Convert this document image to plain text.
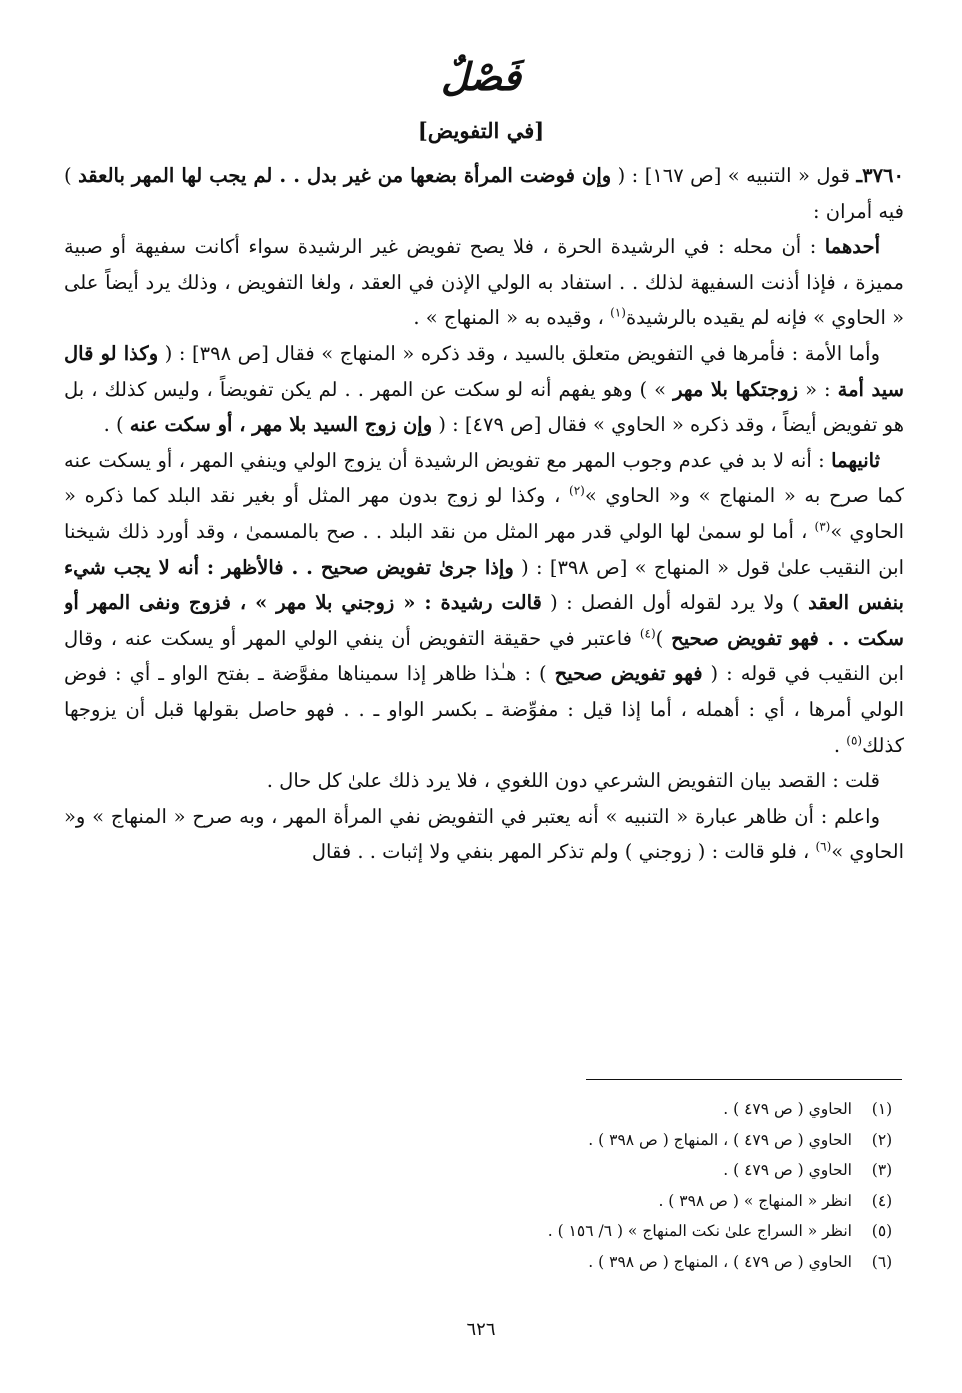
فَصْلٌ
[في التفويض]

٣٧٦٠ـ قول « التنبيه » [ص ١٦٧] : ( وإن فوضت المرأة بضعها من غير بدل . . لم يجب لها المهر بالعقد ) فيه أمران :

أحدهما : أن محله : في الرشيدة الحرة ، فلا يصح تفويض غير الرشيدة سواء أكانت سفيهة أو صبية مميزة ، فإذا أذنت السفيهة لذلك . . استفاد به الولي الإذن في العقد ، ولغا التفويض ، وذلك يرد أيضاً على « الحاوي » فإنه لم يقيده بالرشيدة$^{(١)}$ ، وقيده به « المنهاج » .

وأما الأمة : فأمرها في التفويض متعلق بالسيد ، وقد ذكره « المنهاج » فقال [ص ٣٩٨] : ( وكذا لو قال سيد أمة : « زوجتكها بلا مهر » ) وهو يفهم أنه لو سكت عن المهر . . لم يكن تفويضاً ، وليس كذلك ، بل هو تفويض أيضاً ، وقد ذكره « الحاوي » فقال [ص ٤٧٩] : ( وإن زوج السيد بلا مهر ، أو سكت عنه ) .

ثانيهما : أنه لا بد في عدم وجوب المهر مع تفويض الرشيدة أن يزوج الولي وينفي المهر ، أو يسكت عنه كما صرح به « المنهاج » و« الحاوي »$^{(٢)}$ ، وكذا لو زوج بدون مهر المثل أو بغير نقد البلد كما ذكره « الحاوي »$^{(٣)}$ ، أما لو سمىٰ لها الولي قدر مهر المثل من نقد البلد . . صح بالمسمىٰ ، وقد أورد ذلك شيخنا ابن النقيب علىٰ قول « المنهاج » [ص ٣٩٨] : ( وإذا جرىٰ تفويض صحيح . . فالأظهر : أنه لا يجب شيء بنفس العقد ) ولا يرد لقوله أول الفصل : ( قالت رشيدة : « زوجني بلا مهر » ، فزوج ونفى المهر أو سكت . . فهو تفويض صحيح )$^{(٤)}$ فاعتبر في حقيقة التفويض أن ينفي الولي المهر أو يسكت عنه ، وقال ابن النقيب في قوله : ( فهو تفويض صحيح ) : هـٰذا ظاهر إذا سميناها مفوَّضة ـ بفتح الواو ـ أي : فوض الولي أمرها ، أي : أهمله ، أما إذا قيل : مفوِّضة ـ بكسر الواو ـ . . فهو حاصل بقولها قبل أن يزوجها كذلك$^{(٥)}$ .

قلت : القصد بيان التفويض الشرعي دون اللغوي ، فلا يرد ذلك علىٰ كل حال .

واعلم : أن ظاهر عبارة « التنبيه » أنه يعتبر في التفويض نفي المرأة المهر ، وبه صرح « المنهاج » و« الحاوي »$^{(٦)}$ ، فلو قالت : ( زوجني ) ولم تذكر المهر بنفي ولا إثبات . . فقال

(١)
الحاوي ( ص ٤٧٩ ) .
(٢)
الحاوي ( ص ٤٧٩ ) ، المنهاج ( ص ٣٩٨ ) .
(٣)
الحاوي ( ص ٤٧٩ ) .
(٤)
انظر « المنهاج » ( ص ٣٩٨ ) .
(٥)
انظر « السراج علىٰ نكت المنهاج » ( ٦/ ١٥٦ ) .
(٦)
الحاوي ( ص ٤٧٩ ) ، المنهاج ( ص ٣٩٨ ) .
٦٢٦
